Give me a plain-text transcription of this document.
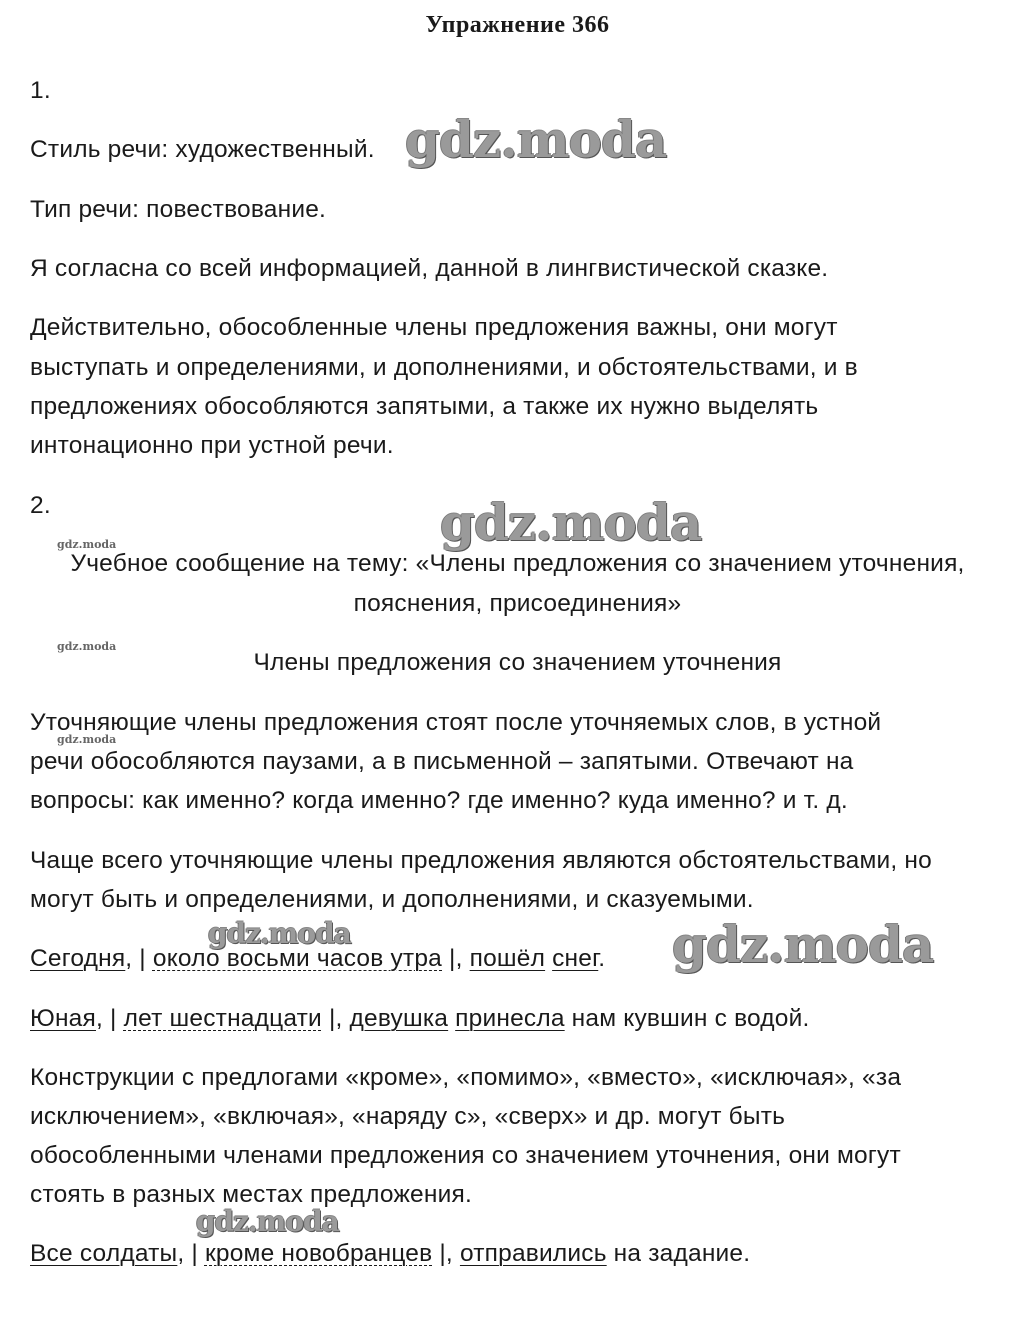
Упражнение 366
1.
Стиль речи: художественный.
Тип речи: повествование.
Я согласна со всей информацией, данной в лингвистической сказке.
Действительно, обособленные члены предложения важны, они могут
выступать и определениями, и дополнениями, и обстоятельствами, и в
предложениях обособляются запятыми, а также их нужно выделять
интонационно при устной речи.
2.
Учебное сообщение на тему: «Члены предложения со значением уточнения,
пояснения, присоединения»
Члены предложения со значением уточнения
Уточняющие члены предложения стоят после уточняемых слов, в устной
речи обособляются паузами, а в письменной – запятыми. Отвечают на
вопросы: как именно? когда именно? где именно? куда именно? и т. д.
Чаще всего уточняющие члены предложения являются обстоятельствами, но
могут быть и определениями, и дополнениями, и сказуемыми.
Сегодня, | около восьми часов утра |, пошёл снег.
Юная, | лет шестнадцати |, девушка принесла нам кувшин с водой.
Конструкции с предлогами «кроме», «помимо», «вместо», «исключая», «за
исключением», «включая», «наряду с», «сверх» и др. могут быть
обособленными членами предложения со значением уточнения, они могут
стоять в разных местах предложения.
Все солдаты, | кроме новобранцев |, отправились на задание.
gdz.moda
gdz.moda
gdz.moda
gdz.moda
gdz.moda
gdz.moda
gdz.moda
gdz.moda
